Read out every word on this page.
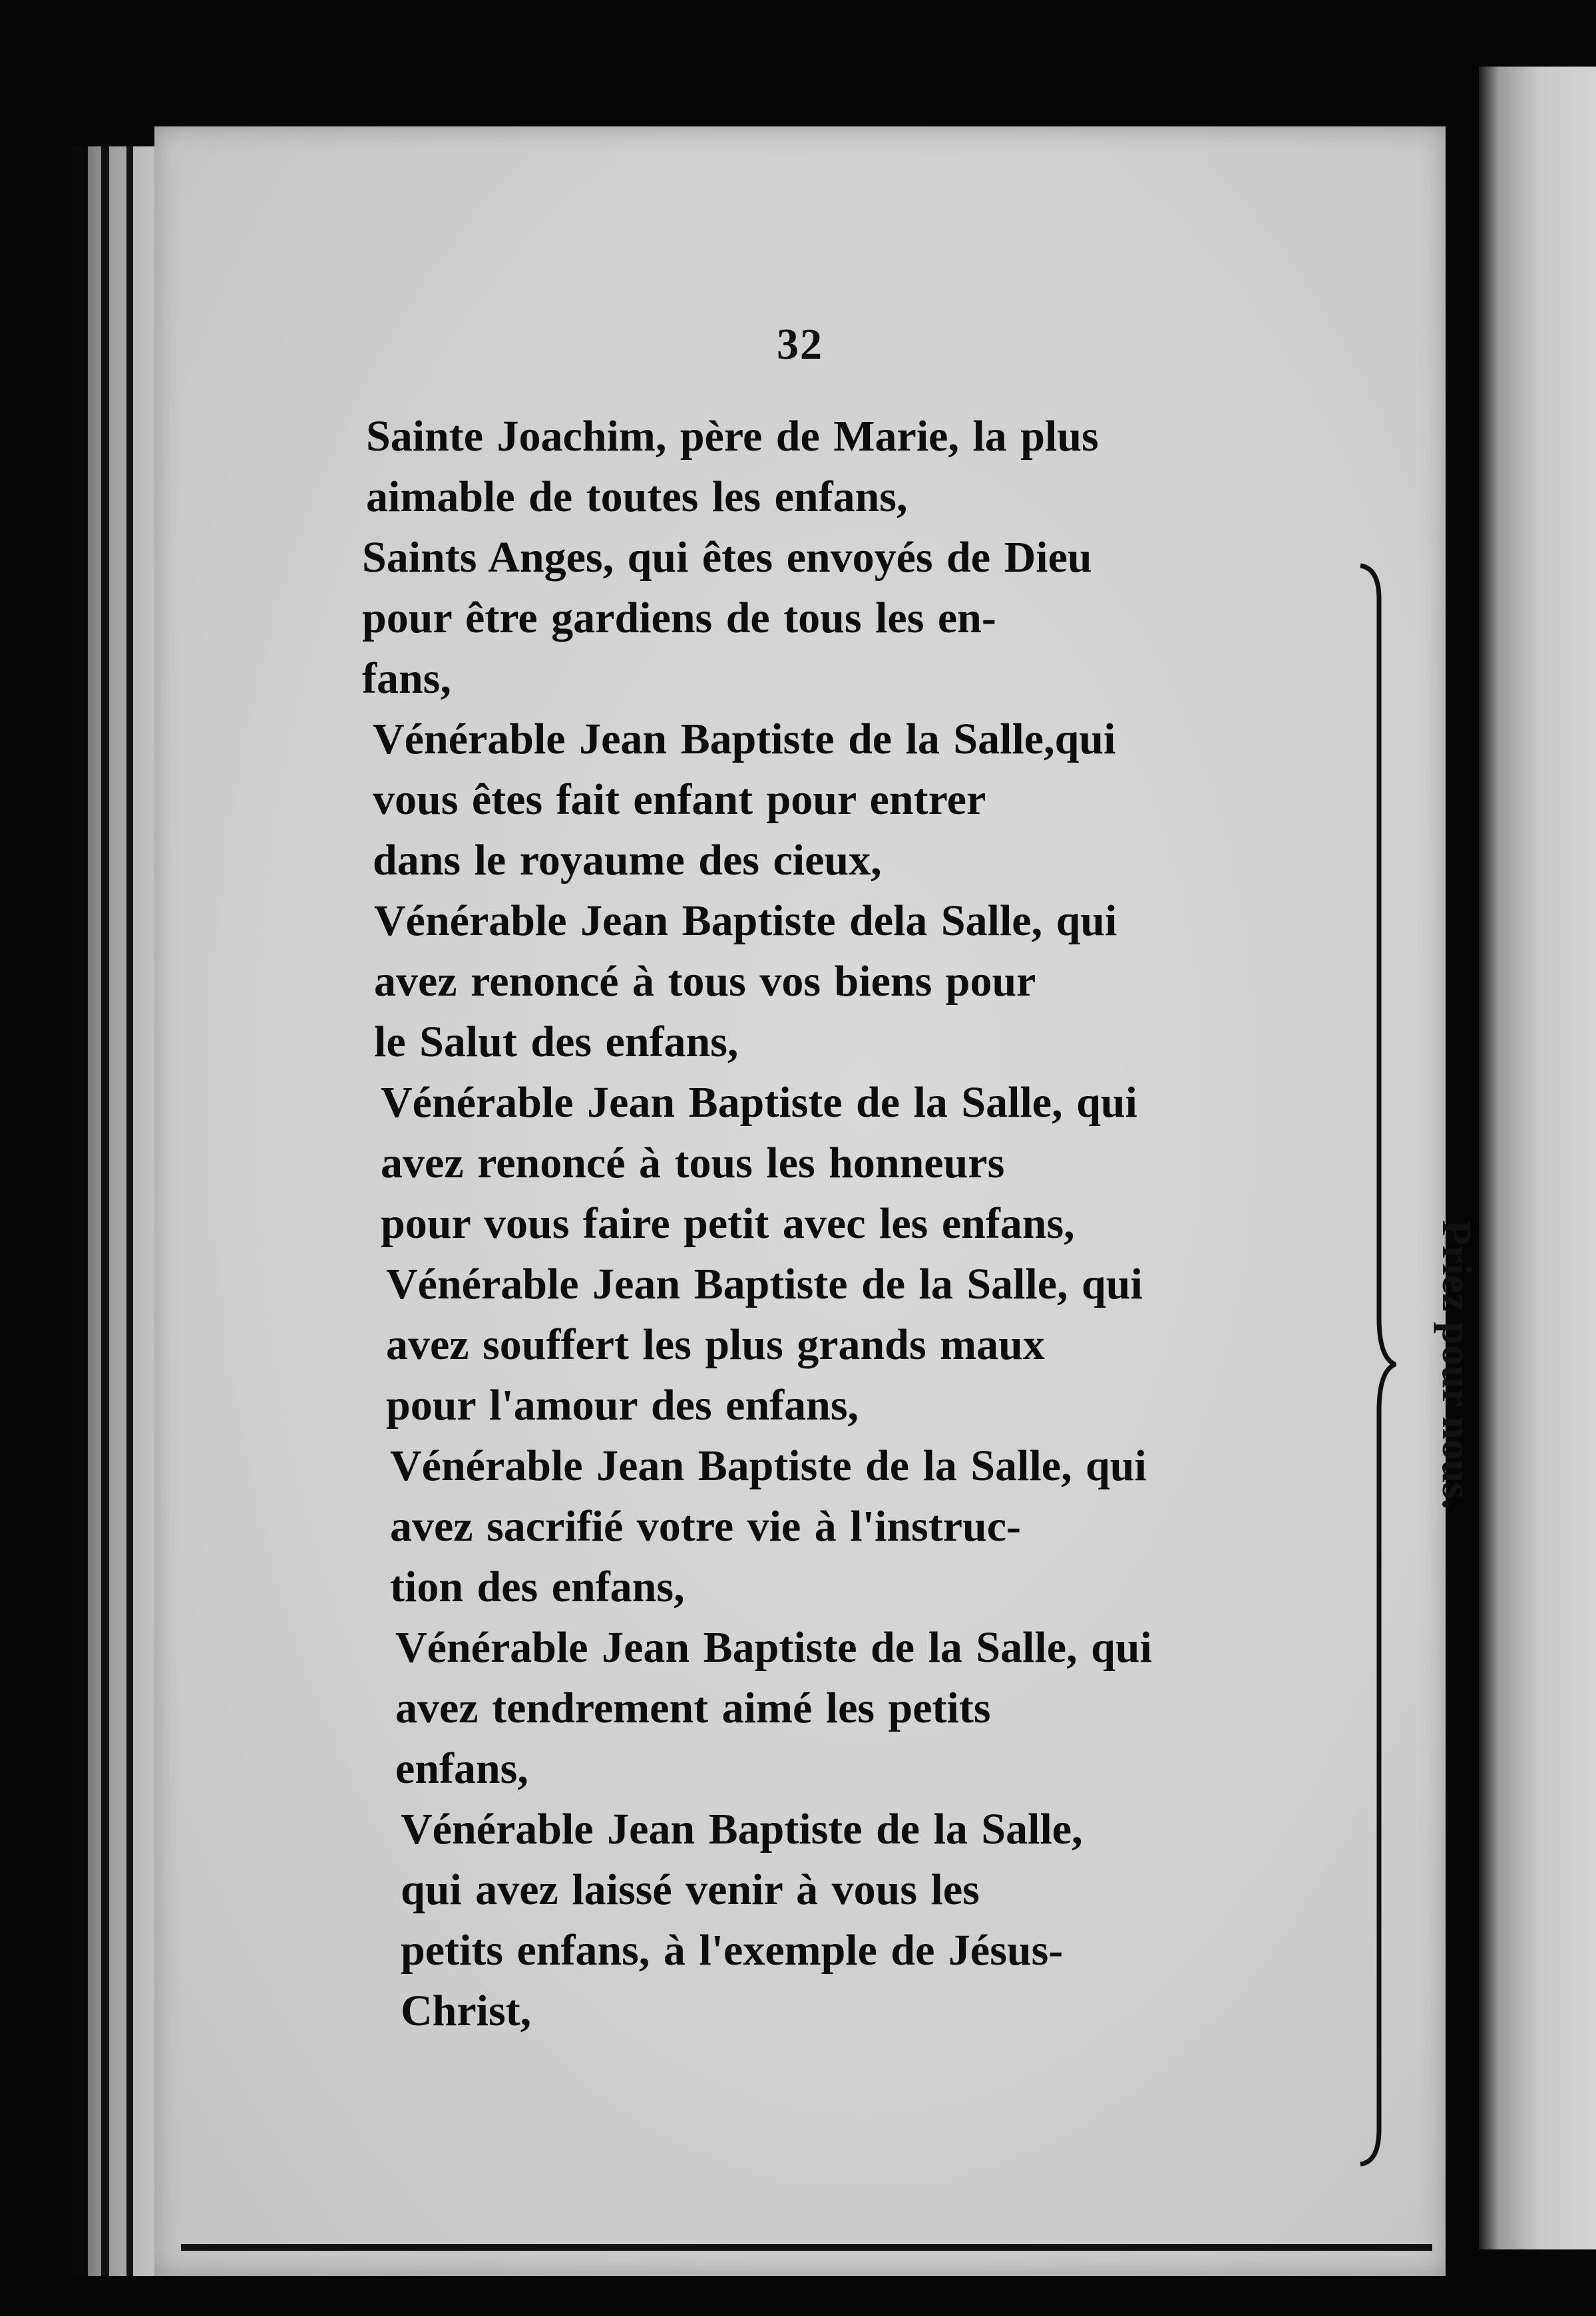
32
Sainte Joachim, père de Marie, la plus
aimable de toutes les enfans,
Saints Anges, qui êtes envoyés de Dieu
pour être gardiens de tous les en-
fans,
Vénérable Jean Baptiste de la Salle,qui
vous êtes fait enfant pour entrer
dans le royaume des cieux,
Vénérable Jean Baptiste dela Salle, qui
avez renoncé à tous vos biens pour
le Salut des enfans,
Vénérable Jean Baptiste de la Salle, qui
avez renoncé à tous les honneurs
pour vous faire petit avec les enfans,
Vénérable Jean Baptiste de la Salle, qui
avez souffert les plus grands maux
pour l'amour des enfans,
Vénérable Jean Baptiste de la Salle, qui
avez sacrifié votre vie à l'instruc-
tion des enfans,
Vénérable Jean Baptiste de la Salle, qui
avez tendrement aimé les petits
enfans,
Vénérable Jean Baptiste de la Salle,
qui avez laissé venir à vous les
petits enfans, à l'exemple de Jésus-
Christ,
Priez pour nous.
